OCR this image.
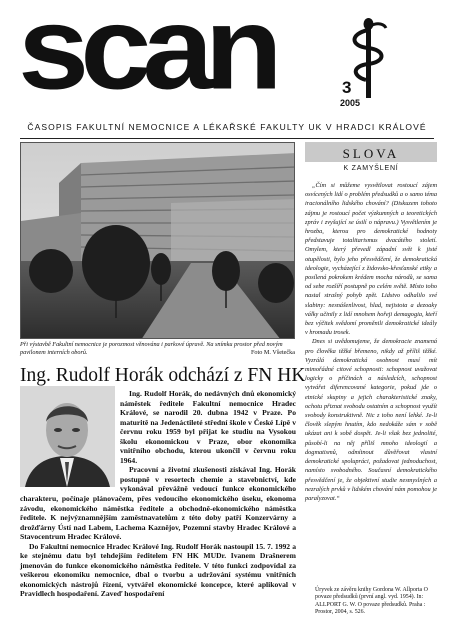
scan	3
2005
ČASOPIS FAKULTNÍ NEMOCNICE A LÉKAŘSKÉ FAKULTY UK V HRADCI KRÁLOVÉ
Při výstavbě Fakultní nemocnice je porozmost věnována i parkové úpravě. Na snímku prostor před novým pavilonem interních oborů.	Foto M. Všetečka
Ing. Rudolf Horák odchází z FN HK

Ing. Rudolf Horák, do nedávných dnů ekonomický náměstek ředitele Fakultní nemocnice Hradec Králové, se narodil 20. dubna 1942 v Praze. Po maturitě na Jedenáctileté střední škole v České Lípě v červnu roku 1959 byl přijat ke studiu na Vysokou školu ekonomickou v Praze, obor ekonomika vnitřního obchodu, kterou ukončil v červnu roku 1964.

Pracovní a životní zkušenosti získával Ing. Horák postupně v resortech chemie a stavebnictví, kde vykonával převážně vedoucí funkce ekonomického charakteru, počínaje plánovačem, přes vedoucího ekonomického úseku, ekonoma závodu, ekonomického náměstka ředitele a obchodně-ekonomického náměstka ředitele. K nejvýznamnějším zaměstnavatelům z této doby patří Konzervárny a drožďárny Ústí nad Labem, Lachema Kaznějov, Pozemní stavby Hradec Králové a Stavocentrum Hradec Králové.

Do Fakultní nemocnice Hradec Králové Ing. Rudolf Horák nastoupil 15. 7. 1992 a ke stejnému datu byl tehdejším ředitelem FN HK MUDr. Ivanem Drašnerem jmenován do funkce ekonomického náměstka ředitele. V této funkci zodpovídal za veškerou ekonomiku nemocnice, dbal o tvorbu a udržování systému vnitřních ekonomických nástrojů řízení, vytvářel ekonomické koncepce, které aplikoval v Pravidlech hospodaření. Zaveď hospodaření

SLOVA
K ZAMYŠLENÍ

„Čím si můžeme vysvětlovat rostoucí zájem osvícených lidí o problém předsudků a o samo téma iracionálního lidského chování? (Diskuzem tohoto zájmu je rostoucí počet výzkumných a teoretických zpráv i zvyšující se úsilí o nápravu.) Vysvětlením je hrozba, kterou pro demokratické hodnoty představuje totalitarismus dvacátého století. Omylem, který převedl západní svět k jisté otupělosti, bylo jeho přesvědčení, že demokratická ideologie, vycházející z židovsko-křesťanské etiky a posílená pokrokem krédem mocha národů, se sama od sebe rozšíří postupně po celém světě. Místo toho nastal strašný pohyb zpět. Lidstvo odhalilo své slabiny: nesnášenlivost, hlad, nejistota a dezoaky války učinily z lidí mnohem hořeji demagogia, kteří bez výčitek svědomí proměnili demokratické ideály v hromadu trosek.

Dnes si uvědomujeme, že demokracie znamená pro člověka těžké břemeno, nikdy až příliš těžké. Vyzrálá demokratická osobnost musí mít mimořádné citové schopnosti: schopnost uvažovat logicky o příčinách a následcích, schopnost vytvářet diferencované kategorie, pokud jde o etnické skupiny a jejich charakteristické znaky, ochotu přiznat svobodu ostatním a schopnost využít svobody konstruktivně. Nic z toho není lehké. Je-li člověk slepým hnutím, kdo nedokáže sám v sobě ukázat ani k sobě dospět. Je-li však bez jednolité, působí-li na něj příliš mnoho ideologií a dogmatismů, odmítnout důvěřovat vlastní demokratické spolupráci, požadovat jednoduchost, namísto svobodného. Současní demokratického přesvědčení je, že objektivní studie nesmyslných a nezralých prvků v lidském chování nám pomohou je paralyzovat.“

Úryvek ze závěru knihy Gordona W. Allporta O povaze předsudků (první angl. vyd. 1954). In: ALLPORT G. W. O povaze předsudků. Praha : Prostor, 2004, s. 526.
